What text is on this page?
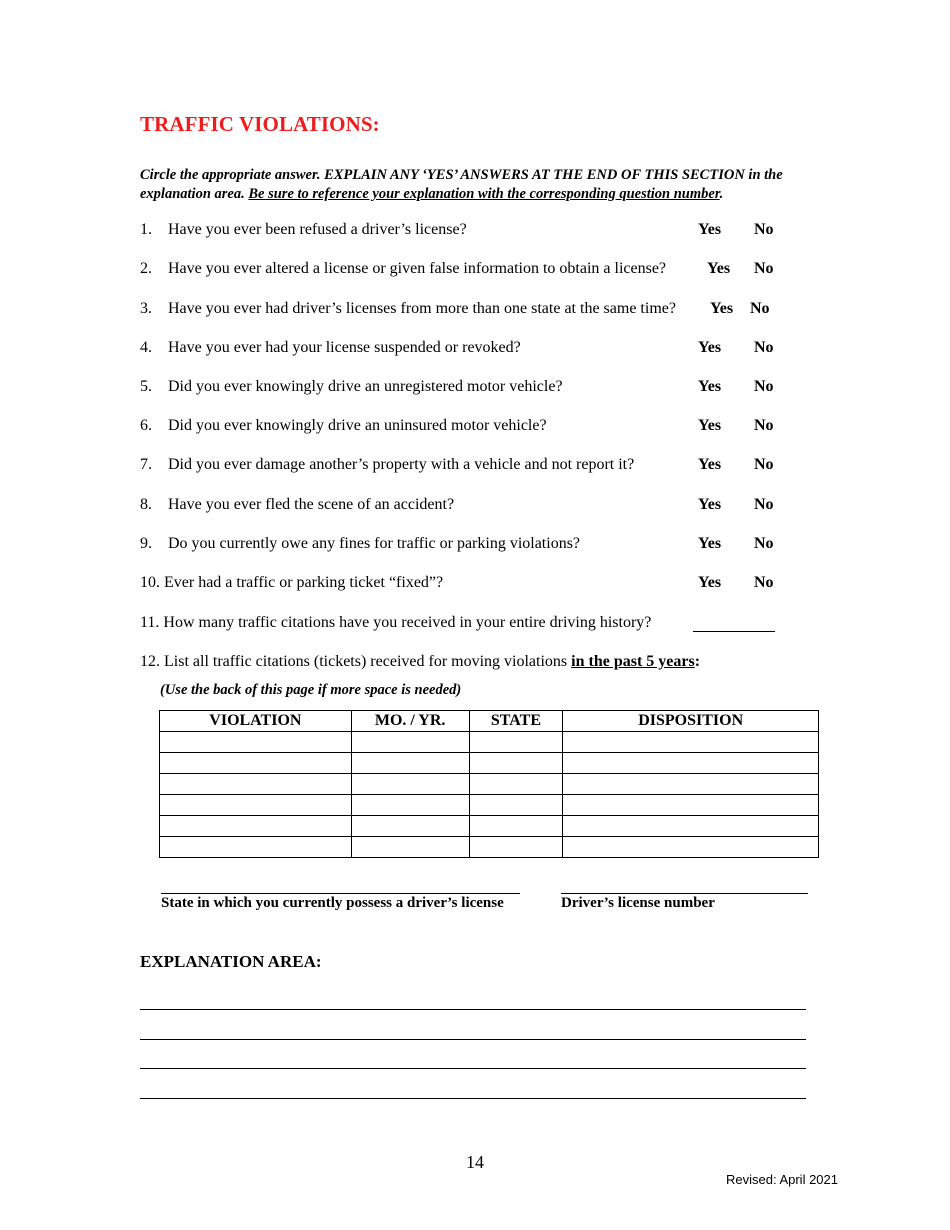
TRAFFIC VIOLATIONS:
Circle the appropriate answer. EXPLAIN ANY ‘YES’ ANSWERS AT THE END OF THIS SECTION in the explanation area. Be sure to reference your explanation with the corresponding question number.
1. Have you ever been refused a driver’s license?	Yes No
2. Have you ever altered a license or given false information to obtain a license?	Yes No
3. Have you ever had driver’s licenses from more than one state at the same time? Yes No
4. Have you ever had your license suspended or revoked?	Yes No
5. Did you ever knowingly drive an unregistered motor vehicle?	Yes No
6. Did you ever knowingly drive an uninsured motor vehicle?	Yes No
7. Did you ever damage another’s property with a vehicle and not report it?	Yes No
8. Have you ever fled the scene of an accident?	Yes No
9. Do you currently owe any fines for traffic or parking violations?	Yes No
10. Ever had a traffic or parking ticket “fixed”?	Yes No
11. How many traffic citations have you received in your entire driving history?
12. List all traffic citations (tickets) received for moving violations in the past 5 years:
(Use the back of this page if more space is needed)
VIOLATION	MO. / YR.	STATE	DISPOSITION

State in which you currently possess a driver’s license	Driver’s license number
EXPLANATION AREA:
14
Revised: April 2021
